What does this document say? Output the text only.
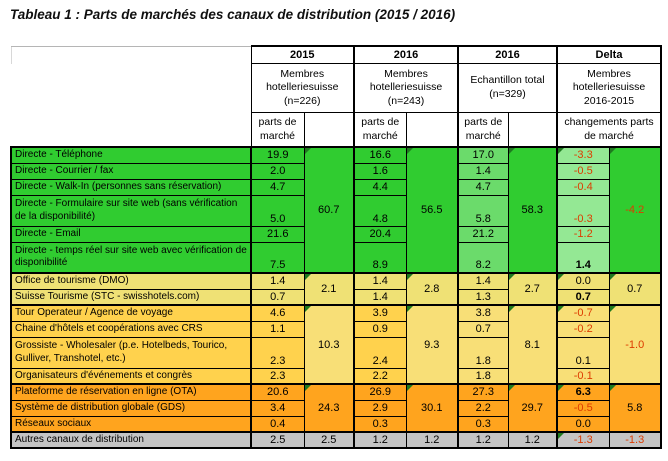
Tableau 1 : Parts de marchés des canaux de distribution (2015 / 2016)
	2015		2016		2016		Delta	
	Membres hotelleriesuisse (n=226)		Membres hotelleriesuisse (n=243)		Echantillon total (n=329)		Membres hotelleriesuisse 2016-2015	
	parts de marché		parts de marché		parts de marché		changements parts de marché	
Directe - Téléphone	19.9	60.7	16.6	56.5	17.0	58.3	-3.3	-4.2
Directe - Courrier / fax	2.0		1.6		1.4		-0.5	
Directe - Walk-In (personnes sans réservation)	4.7		4.4		4.7		-0.4	
Directe - Formulaire sur site web (sans vérification de la disponibilité)	5.0		4.8		5.8		-0.3	
Directe - Email	21.6		20.4		21.2		-1.2	
Directe - temps réel sur site web avec vérification de disponibilité	7.5		8.9		8.2		1.4	
Office de tourisme (DMO)	1.4	2.1	1.4	2.8	1.4	2.7	0.0	0.7
Suisse Tourisme (STC - swisshotels.com)	0.7		1.4		1.3		0.7	
Tour Operateur / Agence de voyage	4.6	10.3	3.9	9.3	3.8	8.1	-0.7	-1.0
Chaine d'hôtels et coopérations avec CRS	1.1		0.9		0.7		-0.2	
Grossiste - Wholesaler (p.e. Hotelbeds, Tourico, Gulliver, Transhotel, etc.)	2.3		2.4		1.8		0.1	
Organisateurs d'événements et congrès	2.3		2.2		1.8		-0.1	
Plateforme de réservation en ligne (OTA)	20.6	24.3	26.9	30.1	27.3	29.7	6.3	5.8
Système de distribution globale (GDS)	3.4		2.9		2.2		-0.5	
Réseaux sociaux	0.4		0.3		0.3		0.0	
Autres canaux de distribution	2.5	2.5	1.2	1.2	1.2	1.2	-1.3	-1.3
